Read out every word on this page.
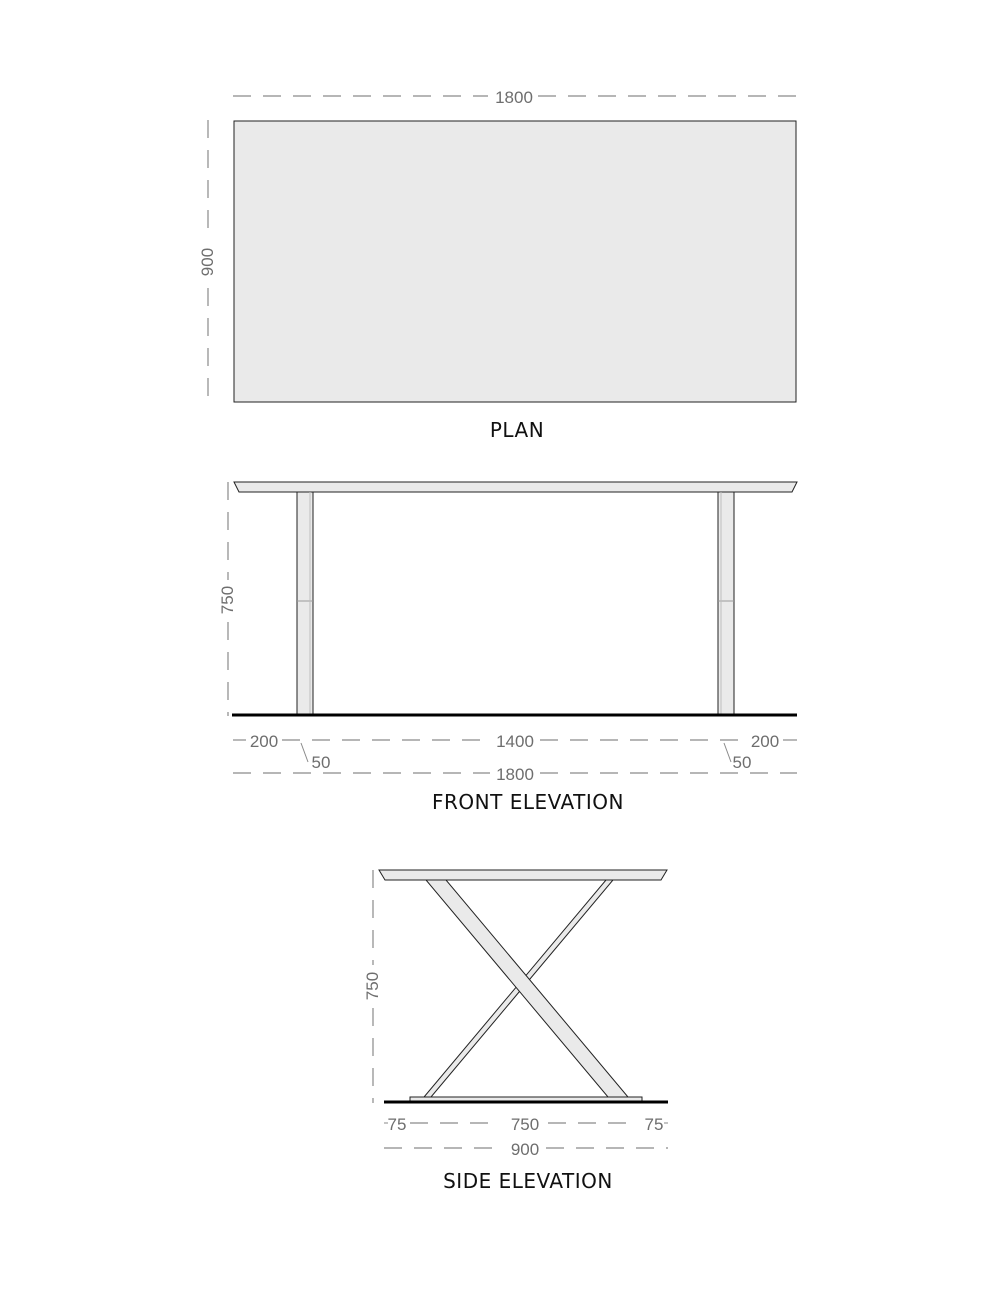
1800
900
PLAN
750
200	1400	200
50	50
1800
FRONT ELEVATION
750
75	750	75
900
SIDE ELEVATION
